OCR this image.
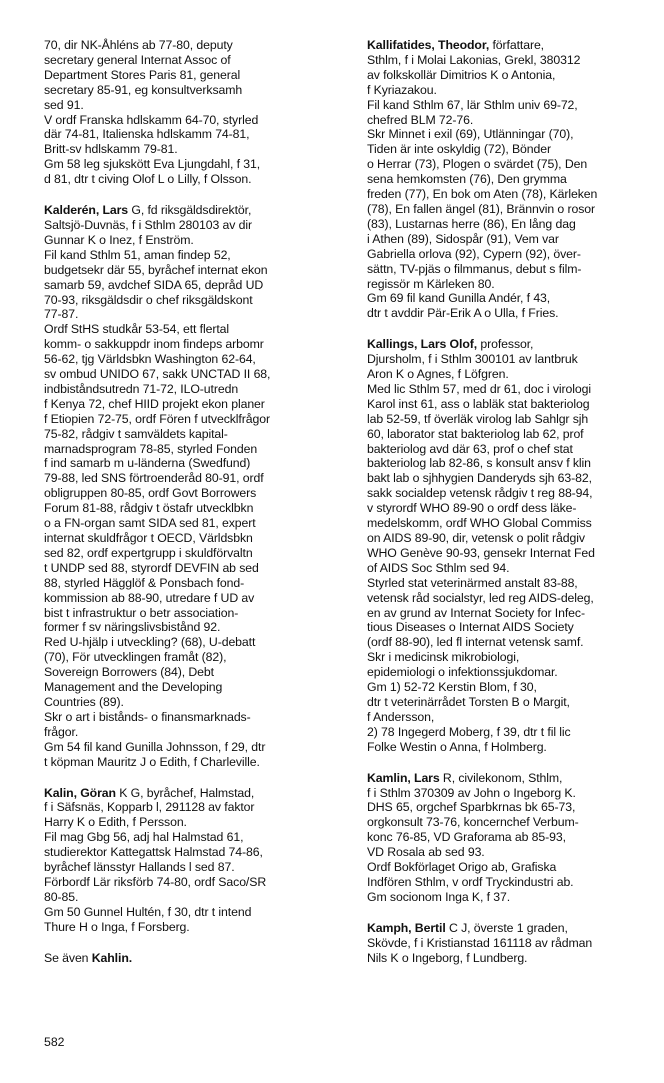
70, dir NK-Åhléns ab 77-80, deputy
secretary general Internat Assoc of
Department Stores Paris 81, general
secretary 85-91, eg konsultverksamh
sed 91.
V ordf Franska hdlskamm 64-70, styrled
där 74-81, Italienska hdlskamm 74-81,
Britt-sv hdlskamm 79-81.
Gm 58 leg sjukskött Eva Ljungdahl, f 31,
d 81, dtr t civing Olof L o Lilly, f Olsson.
Kalderén, Lars G, fd riksgäldsdirektör,
Saltsjö-Duvnäs, f i Sthlm 280103 av dir
Gunnar K o Inez, f Enström.
Fil kand Sthlm 51, aman findep 52,
budgetsekr där 55, byråchef internat ekon
samarb 59, avdchef SIDA 65, depråd UD
70-93, riksgäldsdir o chef riksgäldskont
77-87.
Ordf StHS studkår 53-54, ett flertal
komm- o sakkuppdr inom findeps arbomr
56-62, tjg Världsbkn Washington 62-64,
sv ombud UNIDO 67, sakk UNCTAD II 68,
indbiståndsutredn 71-72, ILO-utredn
f Kenya 72, chef HIID projekt ekon planer
f Etiopien 72-75, ordf Fören f utvecklfrågor
75-82, rådgiv t samväldets kapital-
marnadsprogram 78-85, styrled Fonden
f ind samarb m u-länderna (Swedfund)
79-88, led SNS förtroenderåd 80-91, ordf
obligruppen 80-85, ordf Govt Borrowers
Forum 81-88, rådgiv t östafr utvecklbkn
o a FN-organ samt SIDA sed 81, expert
internat skuldfrågor t OECD, Världsbkn
sed 82, ordf expertgrupp i skuldförvaltn
t UNDP sed 88, styrordf DEVFIN ab sed
88, styrled Hägglöf & Ponsbach fond-
kommission ab 88-90, utredare f UD av
bist t infrastruktur o betr association-
former f sv näringslivsbistånd 92.
Red U-hjälp i utveckling? (68), U-debatt
(70), För utvecklingen framåt (82),
Sovereign Borrowers (84), Debt
Management and the Developing
Countries (89).
Skr o art i bistånds- o finansmarknads-
frågor.
Gm 54 fil kand Gunilla Johnsson, f 29, dtr
t köpman Mauritz J o Edith, f Charleville.
Kalin, Göran K G, byråchef, Halmstad,
f i Säfsnäs, Kopparb l, 291128 av faktor
Harry K o Edith, f Persson.
Fil mag Gbg 56, adj hal Halmstad 61,
studierektor Kattegattsk Halmstad 74-86,
byråchef länsstyr Hallands l sed 87.
Förbordf Lär riksförb 74-80, ordf Saco/SR
80-85.
Gm 50 Gunnel Hultén, f 30, dtr t intend
Thure H o Inga, f Forsberg.
Se även Kahlin.
Kallifatides, Theodor, författare,
Sthlm, f i Molai Lakonias, Grekl, 380312
av folkskollär Dimitrios K o Antonia,
f Kyriazakou.
Fil kand Sthlm 67, lär Sthlm univ 69-72,
chefred BLM 72-76.
Skr Minnet i exil (69), Utlänningar (70),
Tiden är inte oskyldig (72), Bönder
o Herrar (73), Plogen o svärdet (75), Den
sena hemkomsten (76), Den grymma
freden (77), En bok om Aten (78), Kärleken
(78), En fallen ängel (81), Brännvin o rosor
(83), Lustarnas herre (86), En lång dag
i Athen (89), Sidospår (91), Vem var
Gabriella orlova (92), Cypern (92), över-
sättn, TV-pjäs o filmmanus, debut s film-
regissör m Kärleken 80.
Gm 69 fil kand Gunilla Andér, f 43,
dtr t avddir Pär-Erik A o Ulla, f Fries.
Kallings, Lars Olof, professor,
Djursholm, f i Sthlm 300101 av lantbruk
Aron K o Agnes, f Löfgren.
Med lic Sthlm 57, med dr 61, doc i virologi
Karol inst 61, ass o labläk stat bakteriolog
lab 52-59, tf överläk virolog lab Sahlgr sjh
60, laborator stat bakteriolog lab 62, prof
bakteriolog avd där 63, prof o chef stat
bakteriolog lab 82-86, s konsult ansv f klin
bakt lab o sjhhygien Danderyds sjh 63-82,
sakk socialdep vetensk rådgiv t reg 88-94,
v styrordf WHO 89-90 o ordf dess läke-
medelskomm, ordf WHO Global Commiss
on AIDS 89-90, dir, vetensk o polit rådgiv
WHO Genève 90-93, gensekr Internat Fed
of AIDS Soc Sthlm sed 94.
Styrled stat veterinärmed anstalt 83-88,
vetensk råd socialstyr, led reg AIDS-deleg,
en av grund av Internat Society for Infec-
tious Diseases o Internat AIDS Society
(ordf 88-90), led fl internat vetensk samf.
Skr i medicinsk mikrobiologi,
epidemiologi o infektionssjukdomar.
Gm 1) 52-72 Kerstin Blom, f 30,
dtr t veterinärrådet Torsten B o Margit,
f Andersson,
2) 78 Ingegerd Moberg, f 39, dtr t fil lic
Folke Westin o Anna, f Holmberg.
Kamlin, Lars R, civilekonom, Sthlm,
f i Sthlm 370309 av John o Ingeborg K.
DHS 65, orgchef Sparbkrnas bk 65-73,
orgkonsult 73-76, koncernchef Verbum-
konc 76-85, VD Graforama ab 85-93,
VD Rosala ab sed 93.
Ordf Bokförlaget Origo ab, Grafiska
Indfören Sthlm, v ordf Tryckindustri ab.
Gm socionom Inga K, f 37.
Kamph, Bertil C J, överste 1 graden,
Skövde, f i Kristianstad 161118 av rådman
Nils K o Ingeborg, f Lundberg.
582
